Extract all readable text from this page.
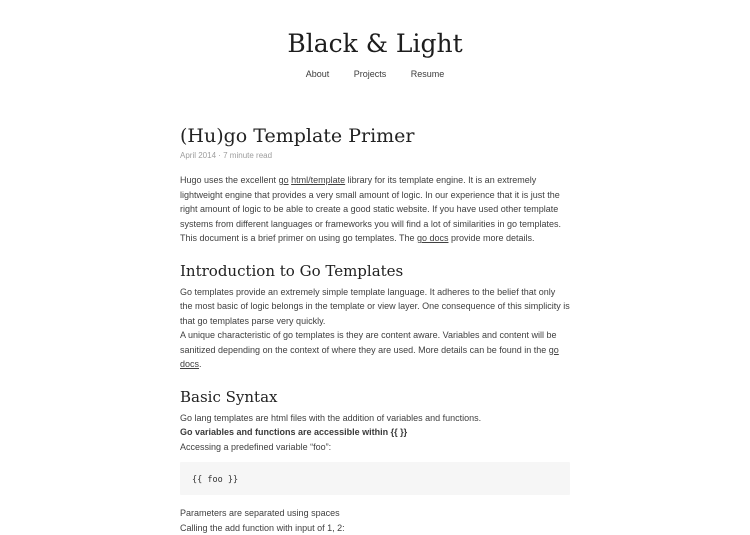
Black & Light
About	Projects	Resume
(Hu)go Template Primer
April 2014 · 7 minute read

Hugo uses the excellent go html/template library for its template engine. It is an extremely lightweight engine that provides a very small amount of logic. In our experience that it is just the right amount of logic to be able to create a good static website. If you have used other template systems from different languages or frameworks you will find a lot of similarities in go templates. This document is a brief primer on using go templates. The go docs provide more details.

Introduction to Go Templates

Go templates provide an extremely simple template language. It adheres to the belief that only the most basic of logic belongs in the template or view layer. One consequence of this simplicity is that go templates parse very quickly.

A unique characteristic of go templates is they are content aware. Variables and content will be sanitized depending on the context of where they are used. More details can be found in the go docs.

Basic Syntax

Go lang templates are html files with the addition of variables and functions.

Go variables and functions are accessible within {{ }}

Accessing a predefined variable “foo”:

{{ foo }}

Parameters are separated using spaces

Calling the add function with input of 1, 2:
